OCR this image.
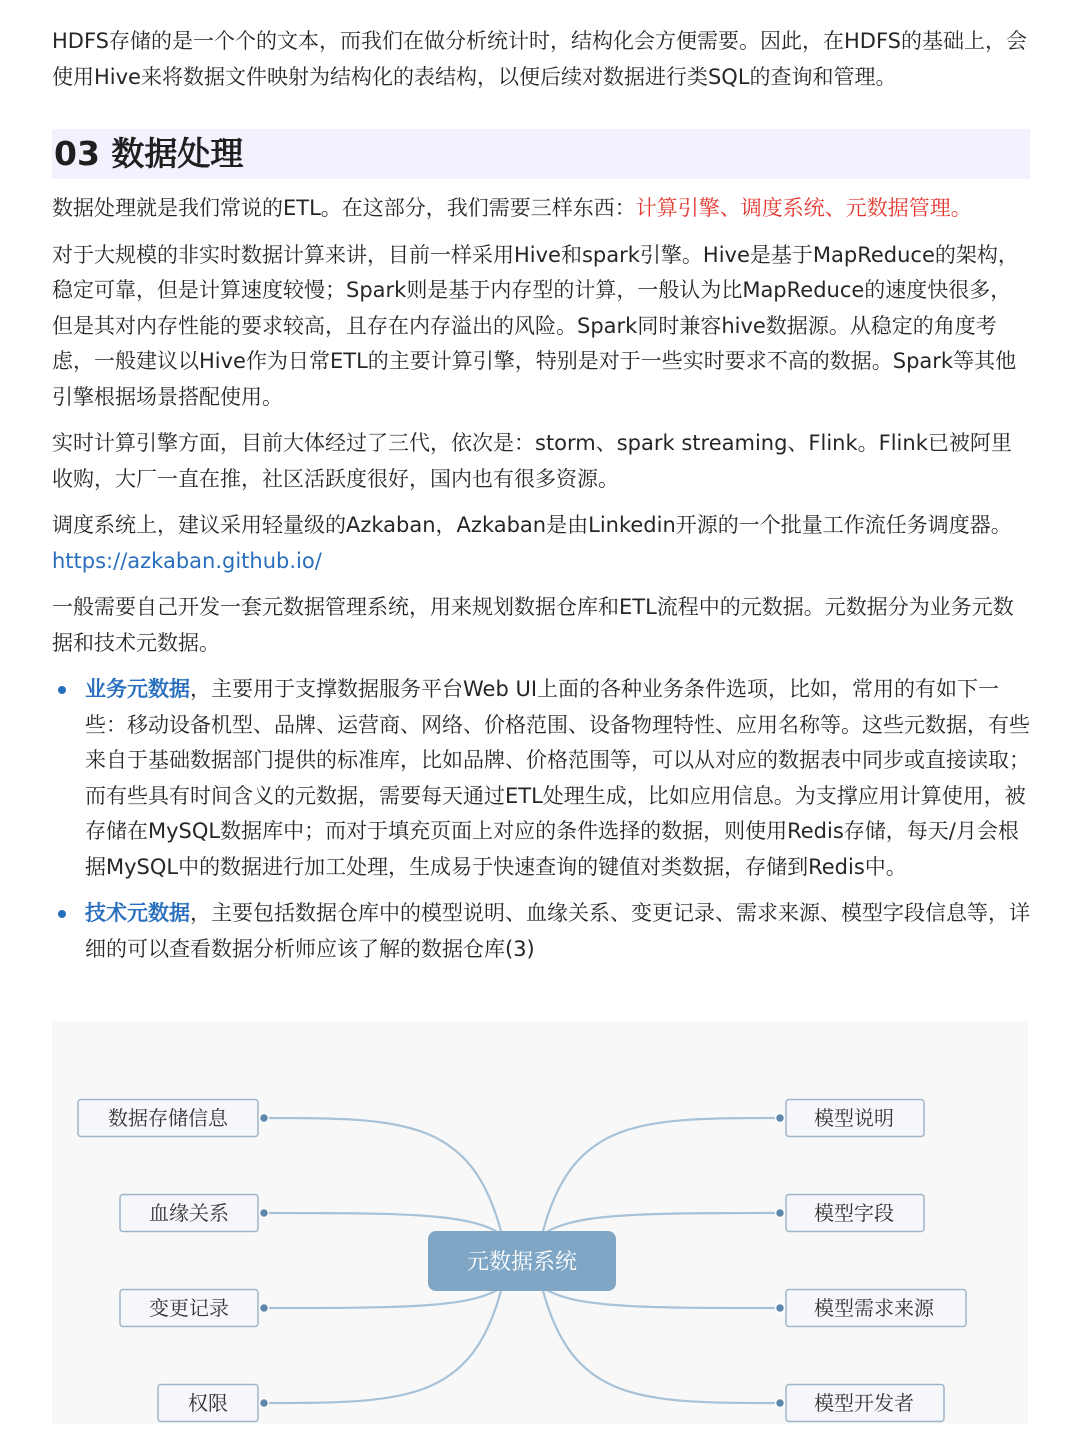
HDFS存储的是一个个的文本，而我们在做分析统计时，结构化会方便需要。因此，在HDFS的基础上，会使用Hive来将数据文件映射为结构化的表结构，以便后续对数据进行类SQL的查询和管理。

03 数据处理

数据处理就是我们常说的ETL。在这部分，我们需要三样东西：计算引擎、调度系统、元数据管理。

对于大规模的非实时数据计算来讲，目前一样采用Hive和spark引擎。Hive是基于MapReduce的架构，稳定可靠，但是计算速度较慢；Spark则是基于内存型的计算，一般认为比MapReduce的速度快很多，但是其对内存性能的要求较高，且存在内存溢出的风险。Spark同时兼容hive数据源。从稳定的角度考虑，一般建议以Hive作为日常ETL的主要计算引擎，特别是对于一些实时要求不高的数据。Spark等其他引擎根据场景搭配使用。

实时计算引擎方面，目前大体经过了三代，依次是：storm、spark streaming、Flink。Flink已被阿里收购，大厂一直在推，社区活跃度很好，国内也有很多资源。

调度系统上，建议采用轻量级的Azkaban，Azkaban是由Linkedin开源的一个批量工作流任务调度器。https://azkaban.github.io/

一般需要自己开发一套元数据管理系统，用来规划数据仓库和ETL流程中的元数据。元数据分为业务元数据和技术元数据。

业务元数据，主要用于支撑数据服务平台Web UI上面的各种业务条件选项，比如，常用的有如下一些：移动设备机型、品牌、运营商、网络、价格范围、设备物理特性、应用名称等。这些元数据，有些来自于基础数据部门提供的标准库，比如品牌、价格范围等，可以从对应的数据表中同步或直接读取；而有些具有时间含义的元数据，需要每天通过ETL处理生成，比如应用信息。为支撑应用计算使用，被存储在MySQL数据库中；而对于填充页面上对应的条件选择的数据，则使用Redis存储，每天/月会根据MySQL中的数据进行加工处理，生成易于快速查询的键值对类数据，存储到Redis中。
技术元数据，主要包括数据仓库中的模型说明、血缘关系、变更记录、需求来源、模型字段信息等，详细的可以查看数据分析师应该了解的数据仓库(3)
数据存储信息
血缘关系
变更记录
权限
模型说明
模型字段
模型需求来源
模型开发者
元数据系统
